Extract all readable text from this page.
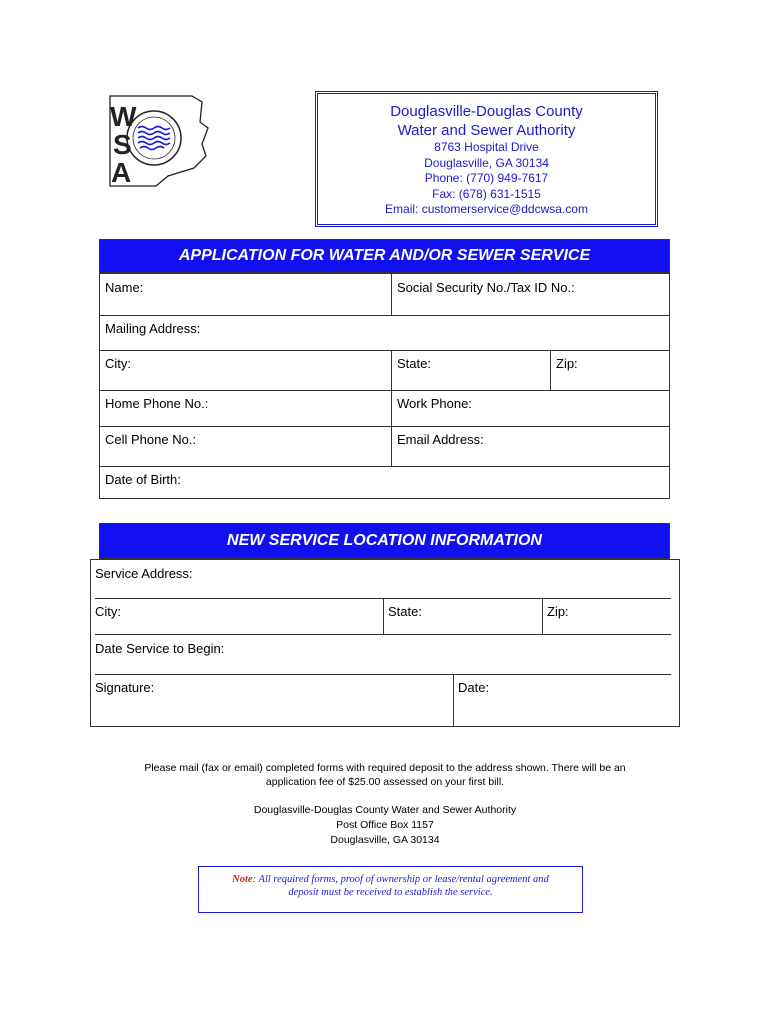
W
S
A
Douglasville-Douglas County
Water and Sewer Authority
8763 Hospital Drive
Douglasville, GA 30134
Phone: (770) 949-7617
Fax: (678) 631-1515
Email: customerservice@ddcwsa.com
APPLICATION FOR WATER AND/OR SEWER SERVICE
Name:	Social Security No./Tax ID No.:
Mailing Address:
City:	State:	Zip:
Home Phone No.:	Work Phone:
Cell Phone No.:	Email Address:
Date of Birth:
NEW SERVICE LOCATION INFORMATION
Service Address:
City:	State:	Zip:
Date Service to Begin:
Signature:	Date:
Please mail (fax or email) completed forms with required deposit to the address shown. There will be an
application fee of $25.00 assessed on your first bill.
Douglasville-Douglas County Water and Sewer Authority
Post Office Box 1157
Douglasville, GA 30134
Note: All required forms, proof of ownership or lease/rental agreement and
deposit must be received to establish the service.
